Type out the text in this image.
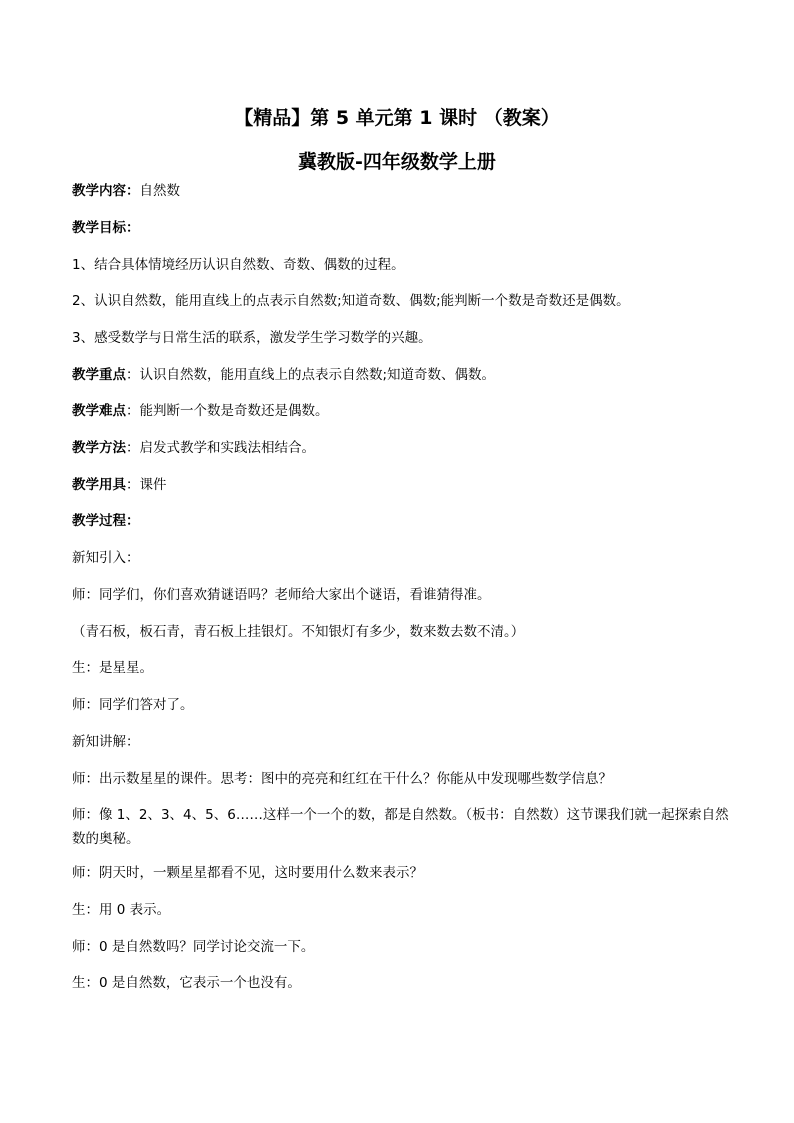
【精品】第 5 单元第 1 课时 （教案）
冀教版-四年级数学上册
教学内容：自然数
教学目标：
1、结合具体情境经历认识自然数、奇数、偶数的过程。
2、认识自然数，能用直线上的点表示自然数;知道奇数、偶数;能判断一个数是奇数还是偶数。
3、感受数学与日常生活的联系，激发学生学习数学的兴趣。
教学重点：认识自然数，能用直线上的点表示自然数;知道奇数、偶数。
教学难点：能判断一个数是奇数还是偶数。
教学方法：启发式教学和实践法相结合。
教学用具：课件
教学过程：
新知引入：
师：同学们，你们喜欢猜谜语吗？老师给大家出个谜语，看谁猜得准。
（青石板，板石青，青石板上挂银灯。不知银灯有多少，数来数去数不清。）
生：是星星。
师：同学们答对了。
新知讲解：
师：出示数星星的课件。思考：图中的亮亮和红红在干什么？你能从中发现哪些数学信息？
师：像 1、2、3、4、5、6……这样一个一个的数，都是自然数。（板书：自然数）这节课我们就一起探索自然数的奥秘。
师：阴天时，一颗星星都看不见，这时要用什么数来表示？
生：用 0 表示。
师：0 是自然数吗？同学讨论交流一下。
生：0 是自然数，它表示一个也没有。
